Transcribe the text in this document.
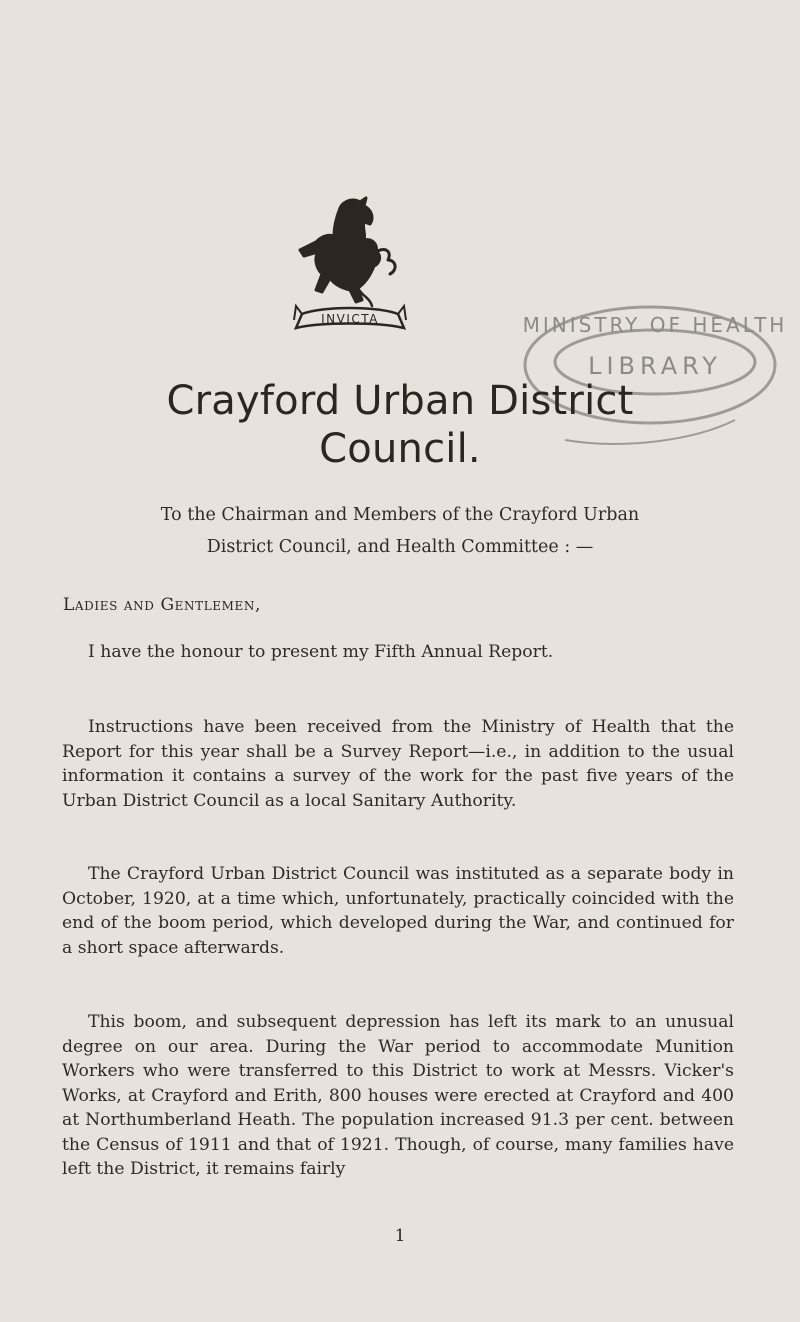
INVICTA	MINISTRY OF HEALTH
LIBRARY
Crayford Urban District
Council.
To the Chairman and Members of the Crayford Urban
District Council, and Health Committee : —
Ladies and Gentlemen,

I have the honour to present my Fifth Annual Report.

Instructions have been received from the Ministry of Health that the Report for this year shall be a Survey Report—i.e., in addition to the usual information it contains a survey of the work for the past five years of the Urban District Council as a local Sanitary Authority.

The Crayford Urban District Council was instituted as a separate body in October, 1920, at a time which, unfortunately, practically coincided with the end of the boom period, which developed during the War, and continued for a short space afterwards.

This boom, and subsequent depression has left its mark to an unusual degree on our area. During the War period to accommodate Munition Workers who were transferred to this District to work at Messrs. Vicker's Works, at Crayford and Erith, 800 houses were erected at Crayford and 400 at Northumberland Heath. The population increased 91.3 per cent. between the Census of 1911 and that of 1921. Though, of course, many families have left the District, it remains fairly

1
